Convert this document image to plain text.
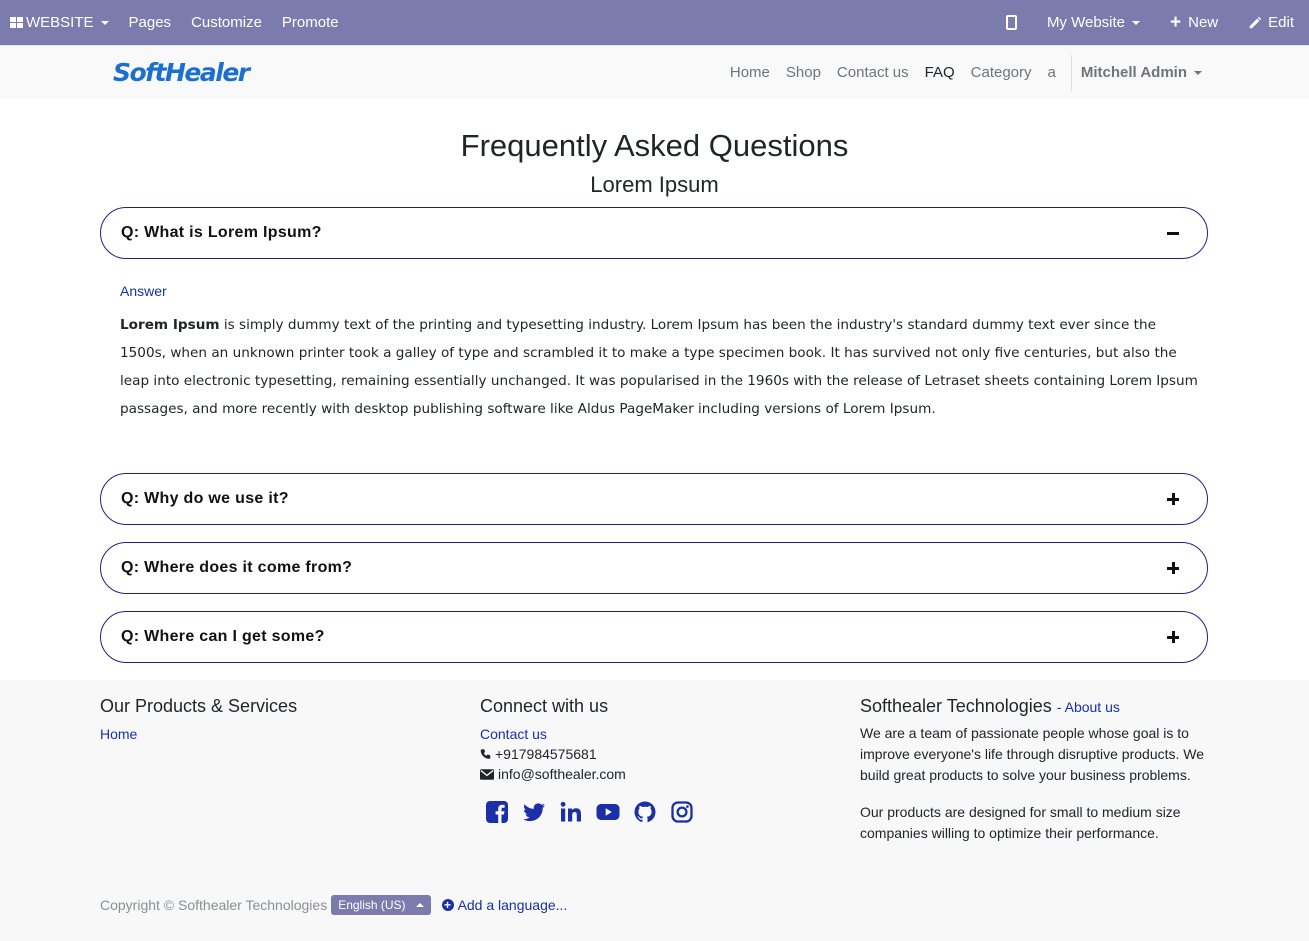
WEBSITE Pages Customize Promote	My Website + New	Edit
SoftHealer	Home Shop Contact us FAQ Category a Mitchell Admin
Frequently Asked Questions
Lorem Ipsum
Q: What is Lorem Ipsum?
Answer
Lorem Ipsum is simply dummy text of the printing and typesetting industry. Lorem Ipsum has been the industry's standard dummy text ever since the 1500s, when an unknown printer took a galley of type and scrambled it to make a type specimen book. It has survived not only five centuries, but also the leap into electronic typesetting, remaining essentially unchanged. It was popularised in the 1960s with the release of Letraset sheets containing Lorem Ipsum passages, and more recently with desktop publishing software like Aldus PageMaker including versions of Lorem Ipsum.
Q: Why do we use it?
Q: Where does it come from?
Q: Where can I get some?
Our Products & Services
Home
Connect with us
Contact us
+917984575681
info@softhealer.com
Softhealer Technologies - About us

We are a team of passionate people whose goal is to improve everyone's life through disruptive products. We build great products to solve your business problems.

Our products are designed for small to medium size companies willing to optimize their performance.

Copyright © Softhealer Technologies English (US)	+ Add a language...
